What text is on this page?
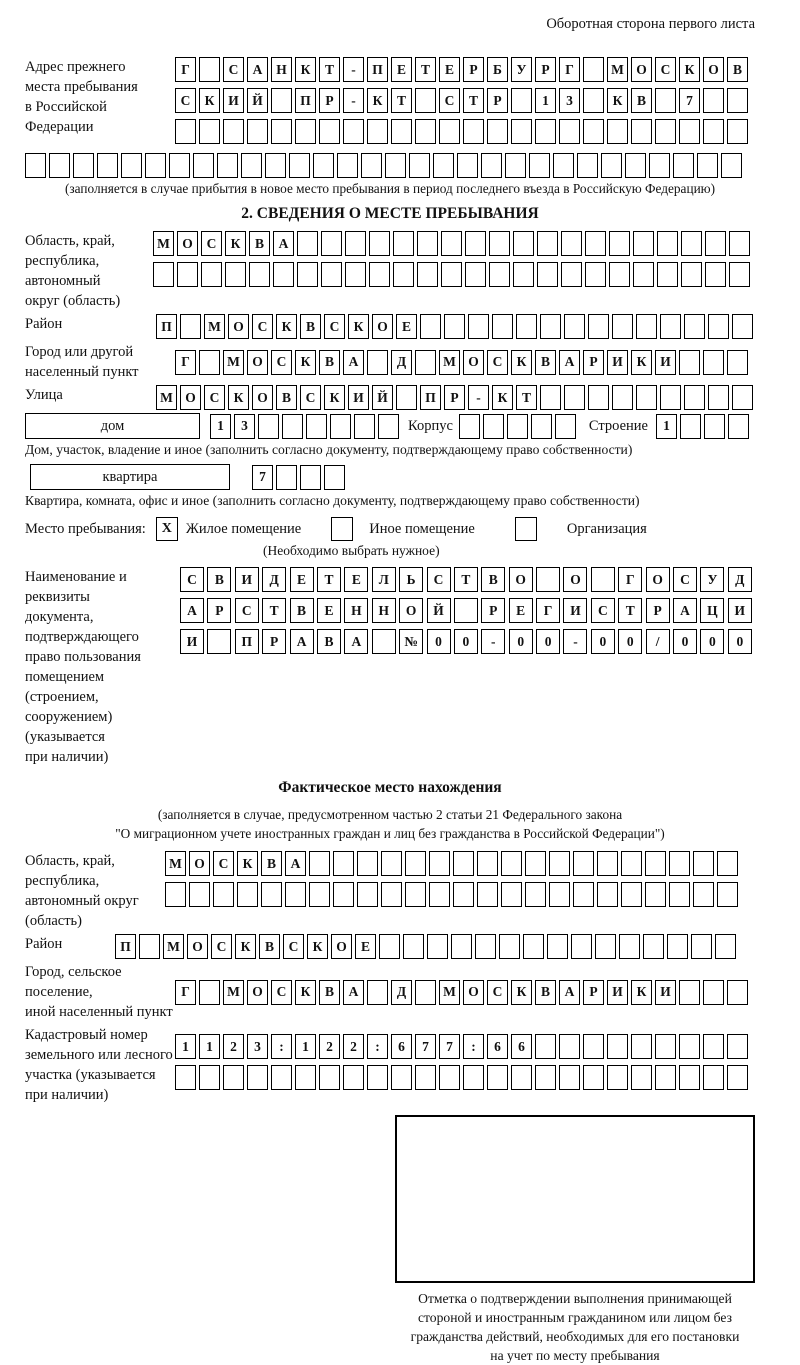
Оборотная сторона первого листа
Адрес прежнего
места пребывания
в Российской
Федерации
Г	С	А	Н	К	Т	-	П	Е	Т	Е	Р	Б	У	Р	Г	М О	С	К	О	В
С	К	И Й	П	Р	-	К	Т	С	Т	Р	1	3	К	В	7
(заполняется в случае прибытия в новое место пребывания в период последнего въезда в Российскую Федерацию)
2. СВЕДЕНИЯ О МЕСТЕ ПРЕБЫВАНИЯ
Область, край,
республика,
автономный
округ (область)
М О	С	К	В	А
Район	П	М О	С	К	В	С	К	О	Е
Город или другой
населенный пункт
Г	М О	С	К	В	А	Д	М О	С	К	В	А	Р	И	К	И
Улица	М О	С	К	О	В	С	К	И Й	П	Р	-	К	Т
дом	1	3	Корпус	Строение	1
Дом, участок, владение и иное (заполнить согласно документу, подтверждающему право собственности)
квартира	7
Квартира, комната, офис и иное (заполнить согласно документу, подтверждающему право собственности)
Место пребывания:	X Жилое помещение	Иное помещение	Организация
(Необходимо выбрать нужное)
Наименование и реквизиты
документа, подтверждающего
право пользования
помещением (строением,
сооружением) (указывается
при наличии)
С	В	И	Д	Е	Т	Е	Л	Ь	С	Т	В	О	О	Г	О	С	У	Д
А	Р	С	Т	В	Е	Н	Н	О	Й	Р	Е	Г	И	С	Т	Р	А	Ц	И
И	П	Р	А	В	А	№	0	0	-	0	0	-	0	0	/	0	0	0
Фактическое место нахождения
(заполняется в случае, предусмотренном частью 2 статьи 21 Федерального закона
"О миграционном учете иностранных граждан и лиц без гражданства в Российской Федерации")
Область, край,
республика,
автономный округ
(область)
М О	С	К	В	А
Район	П	М О	С	К	В	С	К	О	Е
Город, сельское поселение,
иной населенный пункт
Г	М О	С	К	В	А	Д	М О	С	К	В	А	Р	И	К	И
Кадастровый номер
земельного или лесного
участка (указывается
при наличии)
1	1	2	3	:	1	2	2	:	6	7	7	:	6	6
Отметка о подтверждении выполнения принимающей
стороной и иностранным гражданином или лицом без
гражданства действий, необходимых для его постановки
на учет по месту пребывания
